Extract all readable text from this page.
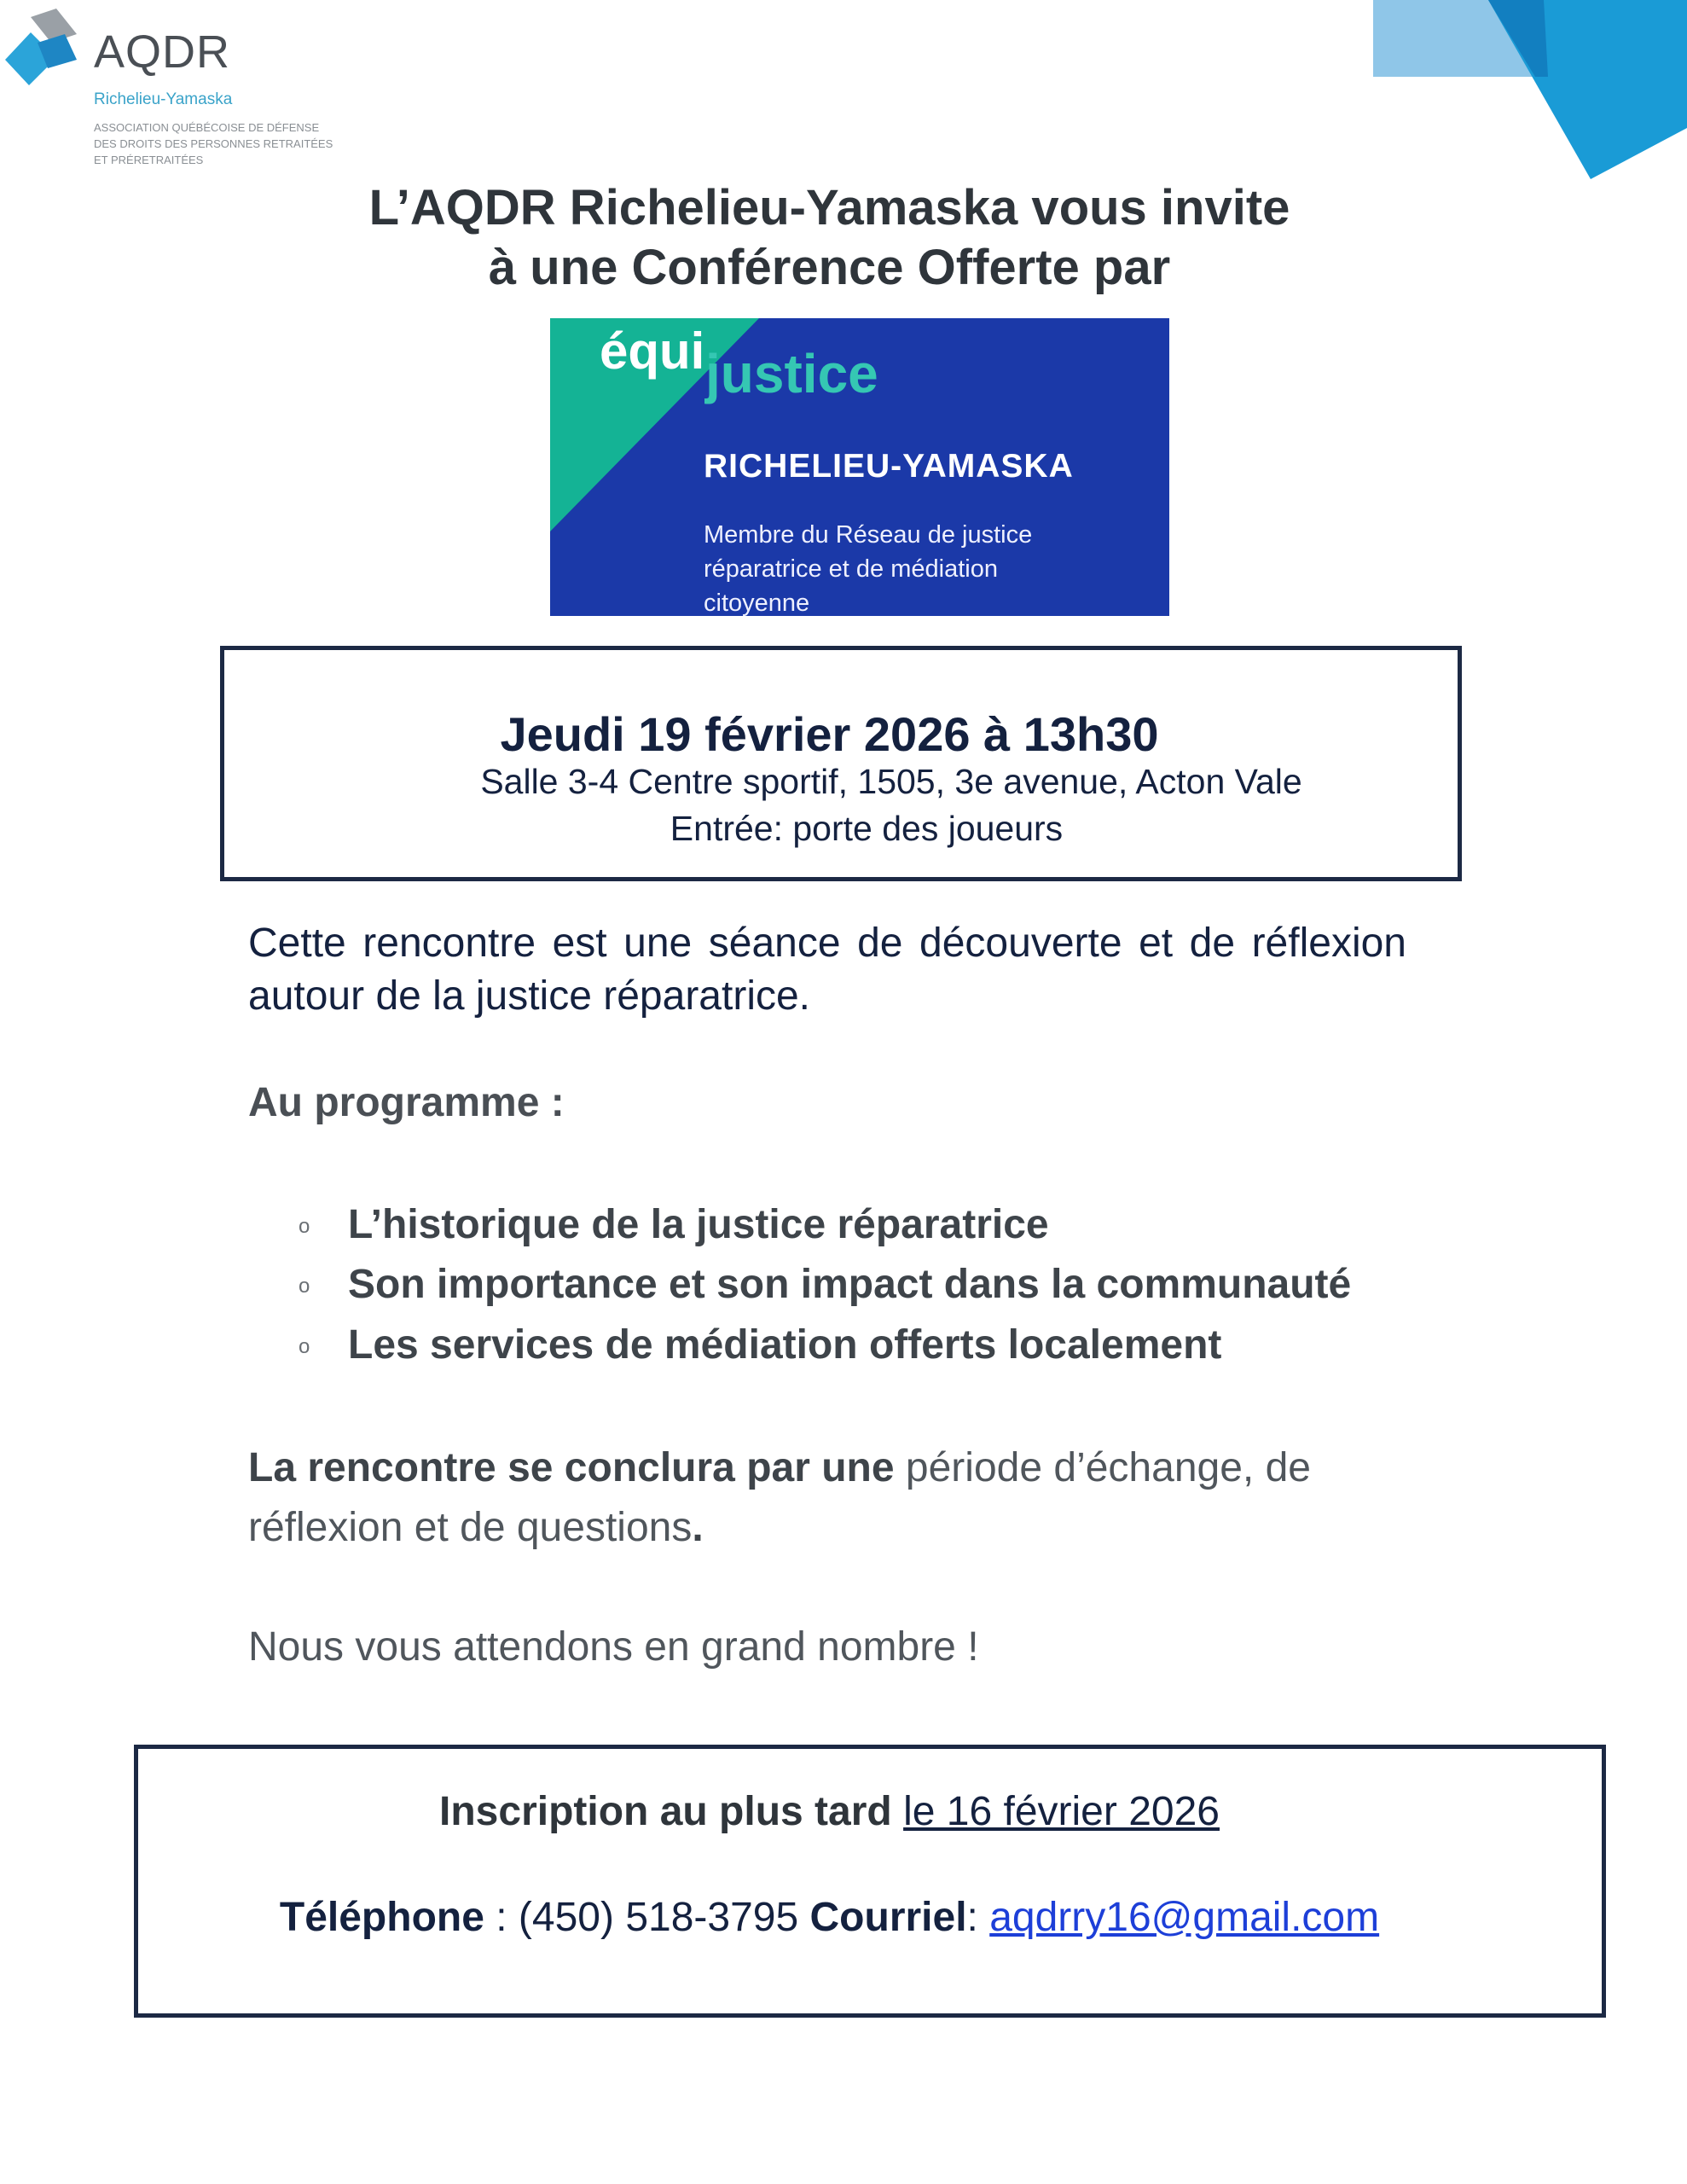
AQDR
Richelieu-Yamaska
ASSOCIATION QUÉBÉCOISE DE DÉFENSE
DES DROITS DES PERSONNES RETRAITÉES
ET PRÉRETRAITÉES
L’AQDR Richelieu-Yamaska vous invite
à une Conférence Offerte par
équi justice
RICHELIEU-YAMASKA
Membre du Réseau de justice
réparatrice et de médiation
citoyenne
Jeudi 19 février 2026 à 13h30
Salle 3-4 Centre sportif, 1505, 3e avenue, Acton Vale
Entrée: porte des joueurs
Cette rencontre est une séance de découverte et de réflexion autour de la justice réparatrice.
Au programme :
o L’historique de la justice réparatrice
o Son importance et son impact dans la communauté
o Les services de médiation offerts localement
La rencontre se conclura par une période d’échange, de réflexion et de questions.
Nous vous attendons en grand nombre !
Inscription au plus tard le 16 février 2026
Téléphone : (450) 518-3795 Courriel: aqdrry16@gmail.com
